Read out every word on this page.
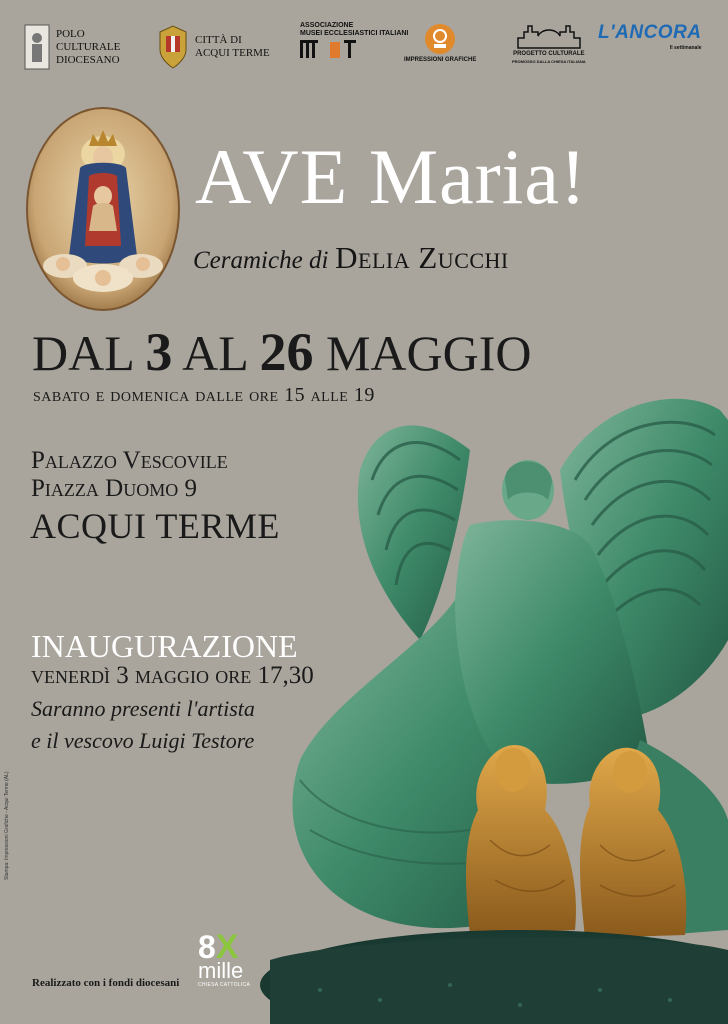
POLO
CULTURALE
DIOCESANO
CITTÀ DI
ACQUI TERME
ASSOCIAZIONE
MUSEI ECCLESIASTICI ITALIANI
IMPRESSIONI GRAFICHE
PROGETTO CULTURALE
PROMOSSO DALLA CHIESA ITALIANA
L'ANCORA
Il settimanale
AVE Maria!
Ceramiche di Delia Zucchi
DAL 3 AL 26 MAGGIO
sabato e domenica dalle ore 15 alle 19
Palazzo Vescovile
Piazza Duomo 9
ACQUI TERME
INAUGURAZIONE
venerdì 3 maggio ore 17,30
Saranno presenti l'artista
e il vescovo Luigi Testore
Stampa: Impressioni Grafiche - Acqui Terme (AL)
Realizzato con i fondi diocesani
8X
mille
CHIESA CATTOLICA
